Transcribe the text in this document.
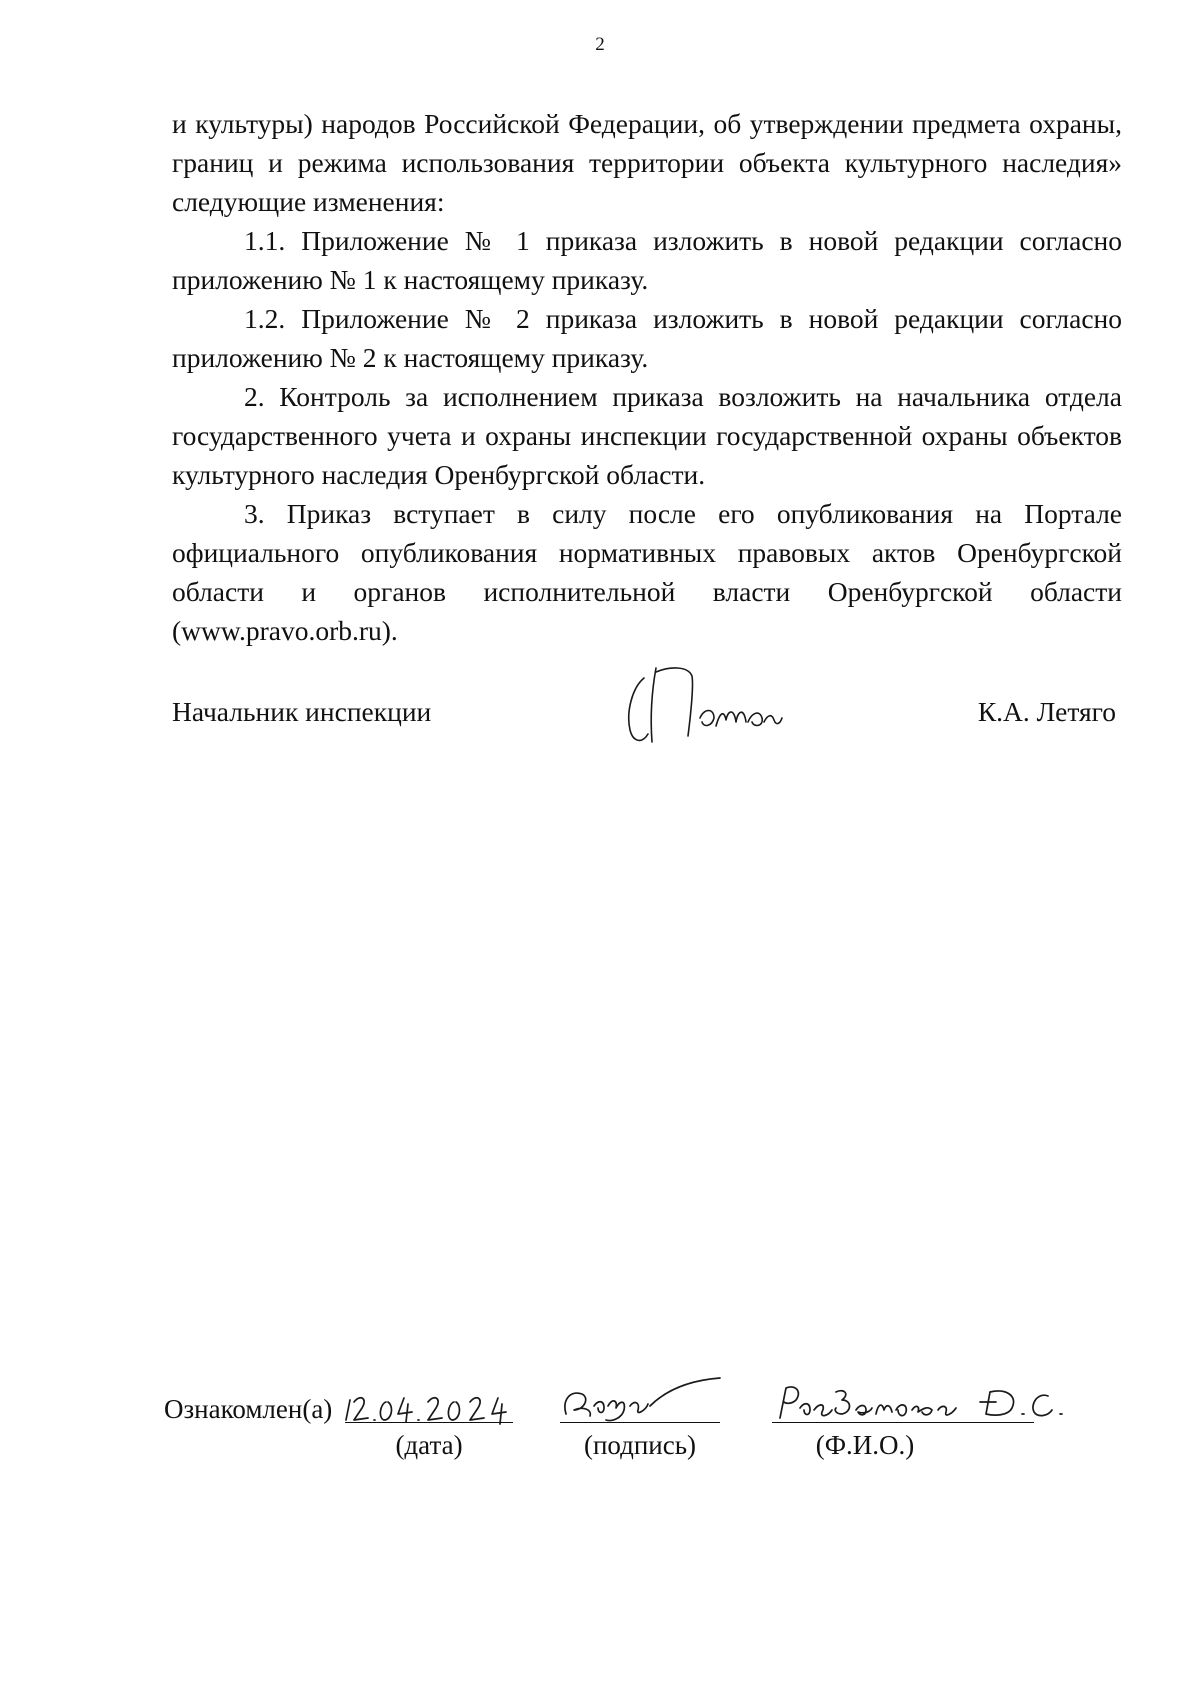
2

и культуры) народов Российской Федерации, об утверждении предмета охраны, границ и режима использования территории объекта культурного наследия» следующие изменения:

1.1. Приложение № 1 приказа изложить в новой редакции согласно приложению № 1 к настоящему приказу.

1.2. Приложение № 2 приказа изложить в новой редакции согласно приложению № 2 к настоящему приказу.

2. Контроль за исполнением приказа возложить на начальника отдела государственного учета и охраны инспекции государственной охраны объектов культурного наследия Оренбургской области.

3. Приказ вступает в силу после его опубликования на Портале официального опубликования нормативных правовых актов Оренбургской области и органов исполнительной власти Оренбургской области (www.pravo.orb.ru).

Начальник инспекции	К.А. Летяго
Ознакомлен(а)
(дата)	(подпись)	(Ф.И.О.)
